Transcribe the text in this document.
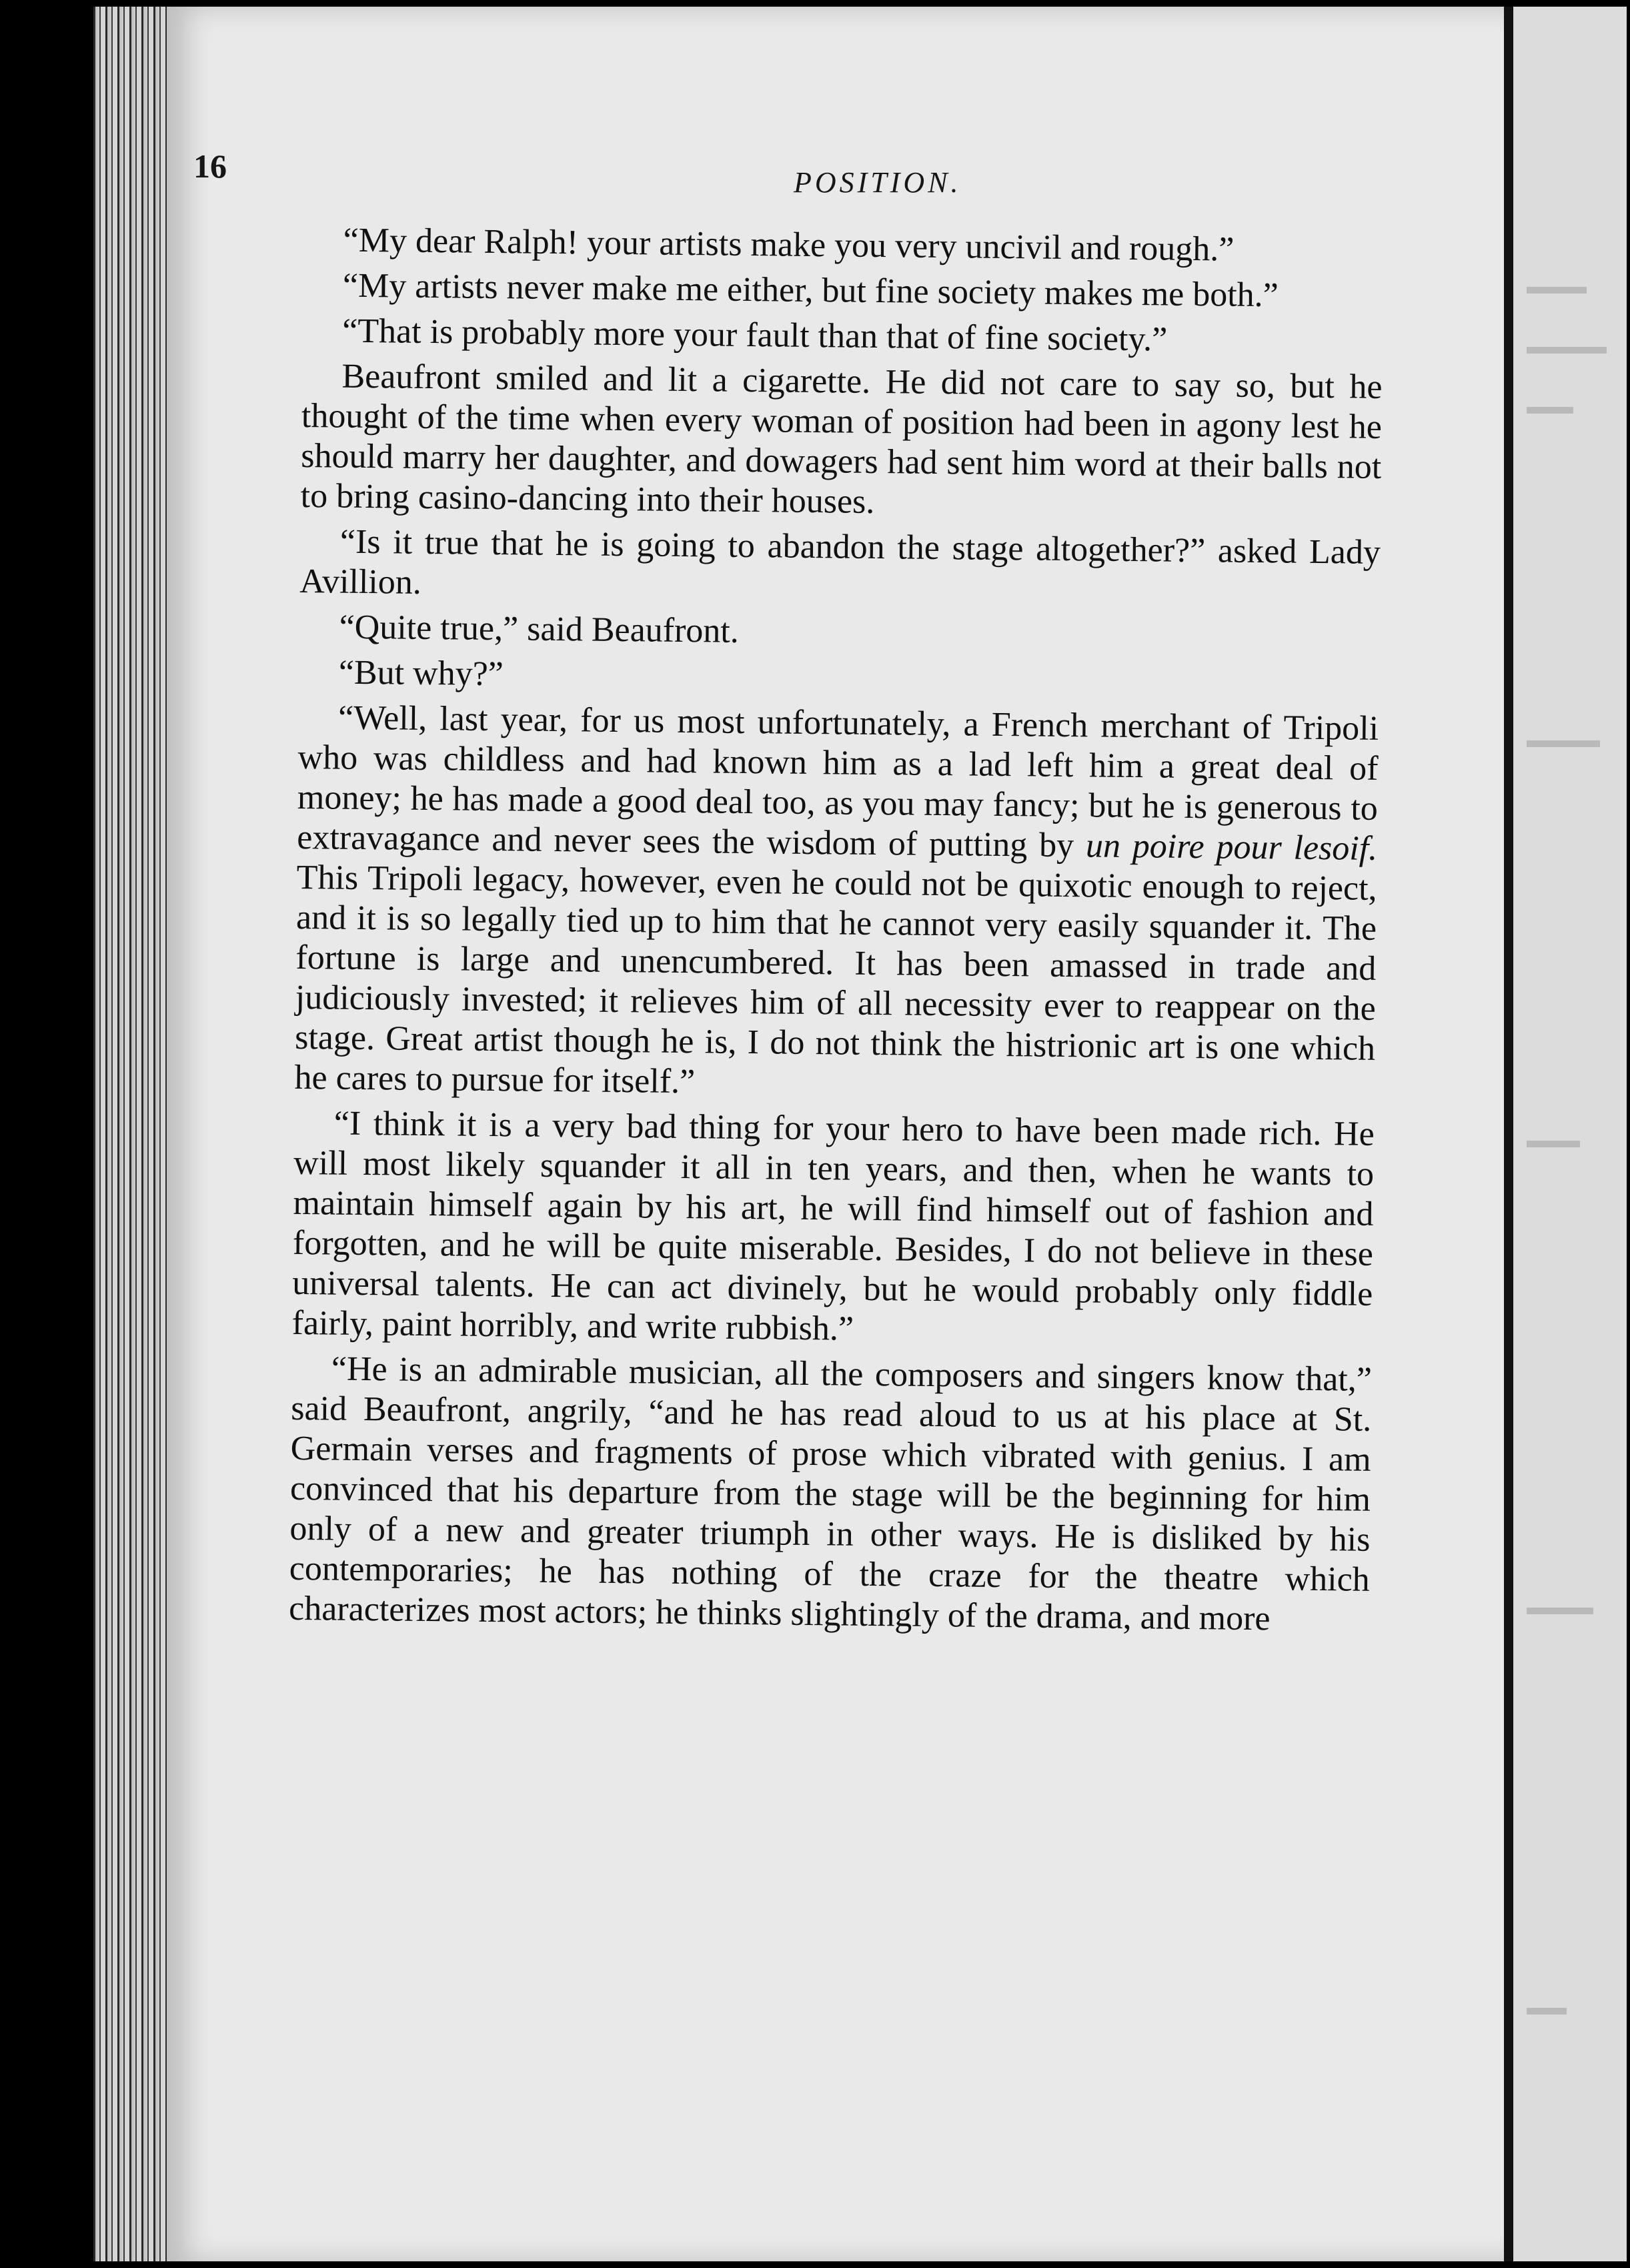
16	POSITION.

“My dear Ralph! your artists make you very uncivil and rough.”

“My artists never make me either, but fine society makes me both.”

“That is probably more your fault than that of fine society.”

Beaufront smiled and lit a cigarette. He did not care to say so, but he thought of the time when every woman of position had been in agony lest he should marry her daughter, and dowagers had sent him word at their balls not to bring casino-dancing into their houses.

“Is it true that he is going to abandon the stage altogether?” asked Lady Avillion.

“Quite true,” said Beaufront.

“But why?”

“Well, last year, for us most unfortunately, a French merchant of Tripoli who was childless and had known him as a lad left him a great deal of money; he has made a good deal too, as you may fancy; but he is generous to extravagance and never sees the wisdom of putting by un poire pour lesoif. This Tripoli legacy, however, even he could not be quixotic enough to reject, and it is so legally tied up to him that he cannot very easily squander it. The fortune is large and unencumbered. It has been amassed in trade and judiciously invested; it relieves him of all necessity ever to reappear on the stage. Great artist though he is, I do not think the histrionic art is one which he cares to pursue for itself.”

“I think it is a very bad thing for your hero to have been made rich. He will most likely squander it all in ten years, and then, when he wants to maintain himself again by his art, he will find himself out of fashion and forgotten, and he will be quite miserable. Besides, I do not believe in these universal talents. He can act divinely, but he would probably only fiddle fairly, paint horribly, and write rubbish.”

“He is an admirable musician, all the composers and singers know that,” said Beaufront, angrily, “and he has read aloud to us at his place at St. Germain verses and fragments of prose which vibrated with genius. I am convinced that his departure from the stage will be the beginning for him only of a new and greater triumph in other ways. He is disliked by his contemporaries; he has nothing of the craze for the theatre which characterizes most actors; he thinks slightingly of the drama, and more
